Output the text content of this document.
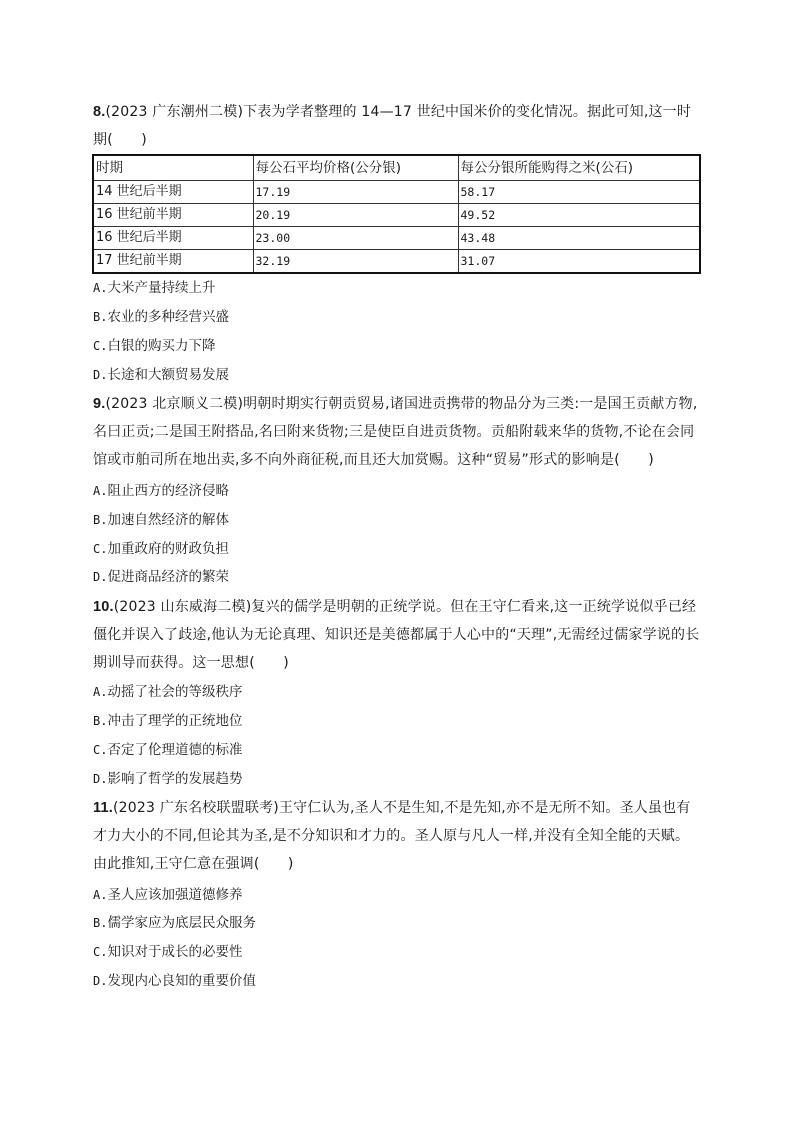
8.(2023 广东潮州二模)下表为学者整理的 14—17 世纪中国米价的变化情况。据此可知,这一时期(　　)
时期	每公石平均价格(公分银)	每公分银所能购得之米(公石)
14 世纪后半期	17.19	58.17
16 世纪前半期	20.19	49.52
16 世纪后半期	23.00	43.48
17 世纪前半期	32.19	31.07
A.大米产量持续上升
B.农业的多种经营兴盛
C.白银的购买力下降
D.长途和大额贸易发展
9.(2023 北京顺义二模)明朝时期实行朝贡贸易,诸国进贡携带的物品分为三类:一是国王贡献方物,名曰正贡;二是国王附搭品,名曰附来货物;三是使臣自进贡货物。贡船附载来华的货物,不论在会同馆或市舶司所在地出卖,多不向外商征税,而且还大加赏赐。这种“贸易”形式的影响是(　　)
A.阻止西方的经济侵略
B.加速自然经济的解体
C.加重政府的财政负担
D.促进商品经济的繁荣
10.(2023 山东威海二模)复兴的儒学是明朝的正统学说。但在王守仁看来,这一正统学说似乎已经僵化并误入了歧途,他认为无论真理、知识还是美德都属于人心中的“天理”,无需经过儒家学说的长期训导而获得。这一思想(　　)
A.动摇了社会的等级秩序
B.冲击了理学的正统地位
C.否定了伦理道德的标准
D.影响了哲学的发展趋势
11.(2023 广东名校联盟联考)王守仁认为,圣人不是生知,不是先知,亦不是无所不知。圣人虽也有才力大小的不同,但论其为圣,是不分知识和才力的。圣人原与凡人一样,并没有全知全能的天赋。由此推知,王守仁意在强调(　　)
A.圣人应该加强道德修养
B.儒学家应为底层民众服务
C.知识对于成长的必要性
D.发现内心良知的重要价值
